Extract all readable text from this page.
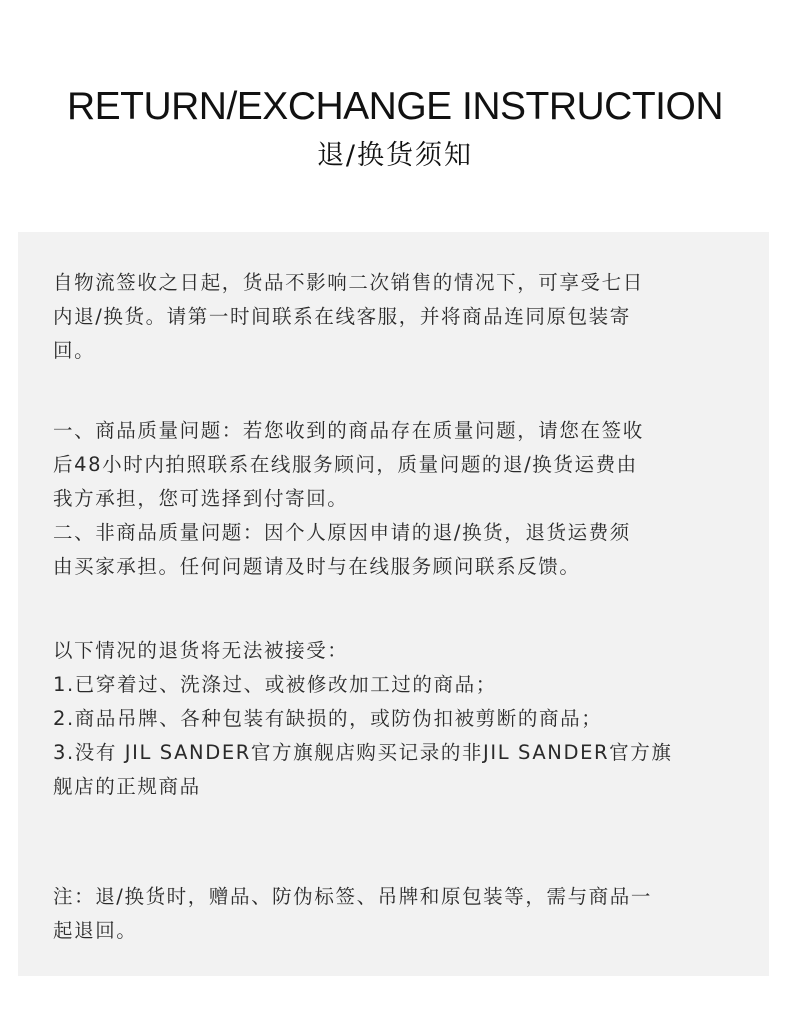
RETURN/EXCHANGE INSTRUCTION
退/换货须知
自物流签收之日起，货品不影响二次销售的情况下，可享受七日
内退/换货。请第一时间联系在线客服，并将商品连同原包装寄
回。
一、商品质量问题：若您收到的商品存在质量问题，请您在签收
后48小时内拍照联系在线服务顾问，质量问题的退/换货运费由
我方承担，您可选择到付寄回。
二、非商品质量问题：因个人原因申请的退/换货，退货运费须
由买家承担。任何问题请及时与在线服务顾问联系反馈。
以下情况的退货将无法被接受：
1.已穿着过、洗涤过、或被修改加工过的商品；
2.商品吊牌、各种包装有缺损的，或防伪扣被剪断的商品；
3.没有 JIL SANDER官方旗舰店购买记录的非JIL SANDER官方旗
舰店的正规商品
注：退/换货时，赠品、防伪标签、吊牌和原包装等，需与商品一
起退回。
